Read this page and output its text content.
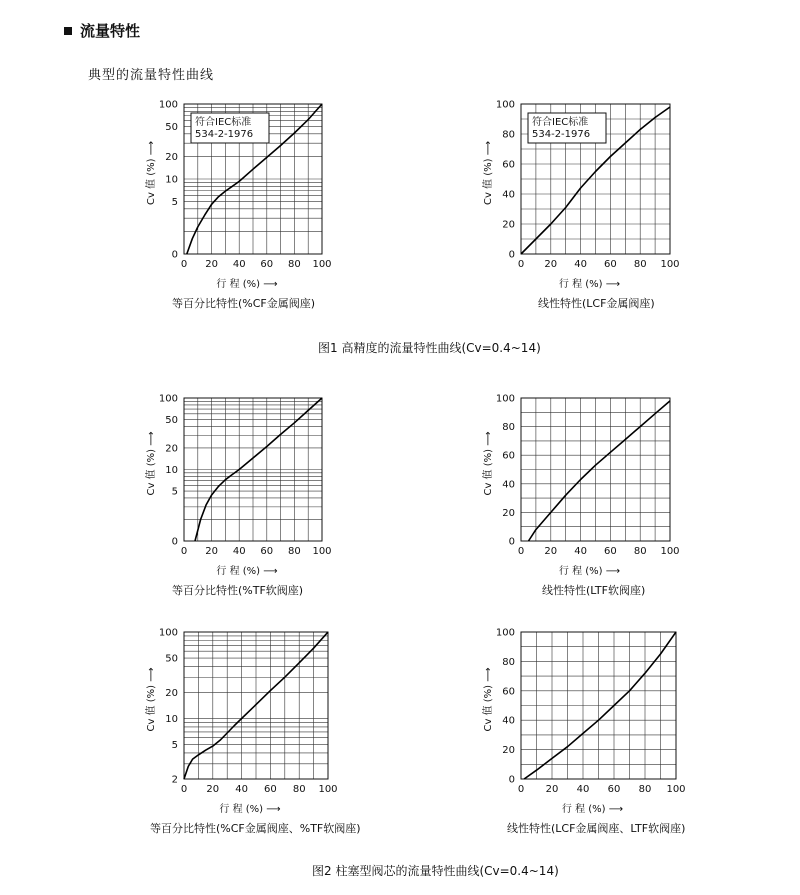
流量特性
典型的流量特性曲线
0 20 40 60 80 100
0
5
10
20
50
100
行 程 (%) ⟶
Cv 值 (%) ⟶
符合IEC标准
534-2-1976
等百分比特性(%CF金属阀座)
0 20 40 60 80 100
0
20
40
60
80
100
行 程 (%) ⟶
Cv 值 (%) ⟶
符合IEC标准
534-2-1976
线性特性(LCF金属阀座)
0 20 40 60 80 100
0
5
10
20
50
100
行 程 (%) ⟶
Cv 值 (%) ⟶
等百分比特性(%TF软阀座)
0 20 40 60 80 100
0
20
40
60
80
100
行 程 (%) ⟶
Cv 值 (%) ⟶
线性特性(LTF软阀座)
0 20 40 60 80 100
2
5
10
20
50
100
行 程 (%) ⟶
Cv 值 (%) ⟶
等百分比特性(%CF金属阀座、%TF软阀座)
0 20 40 60 80 100
0
20
40
60
80
100
行 程 (%) ⟶
Cv 值 (%) ⟶
线性特性(LCF金属阀座、LTF软阀座)
图1 高精度的流量特性曲线(Cv=0.4~14)
图2 柱塞型阀芯的流量特性曲线(Cv=0.4~14)
